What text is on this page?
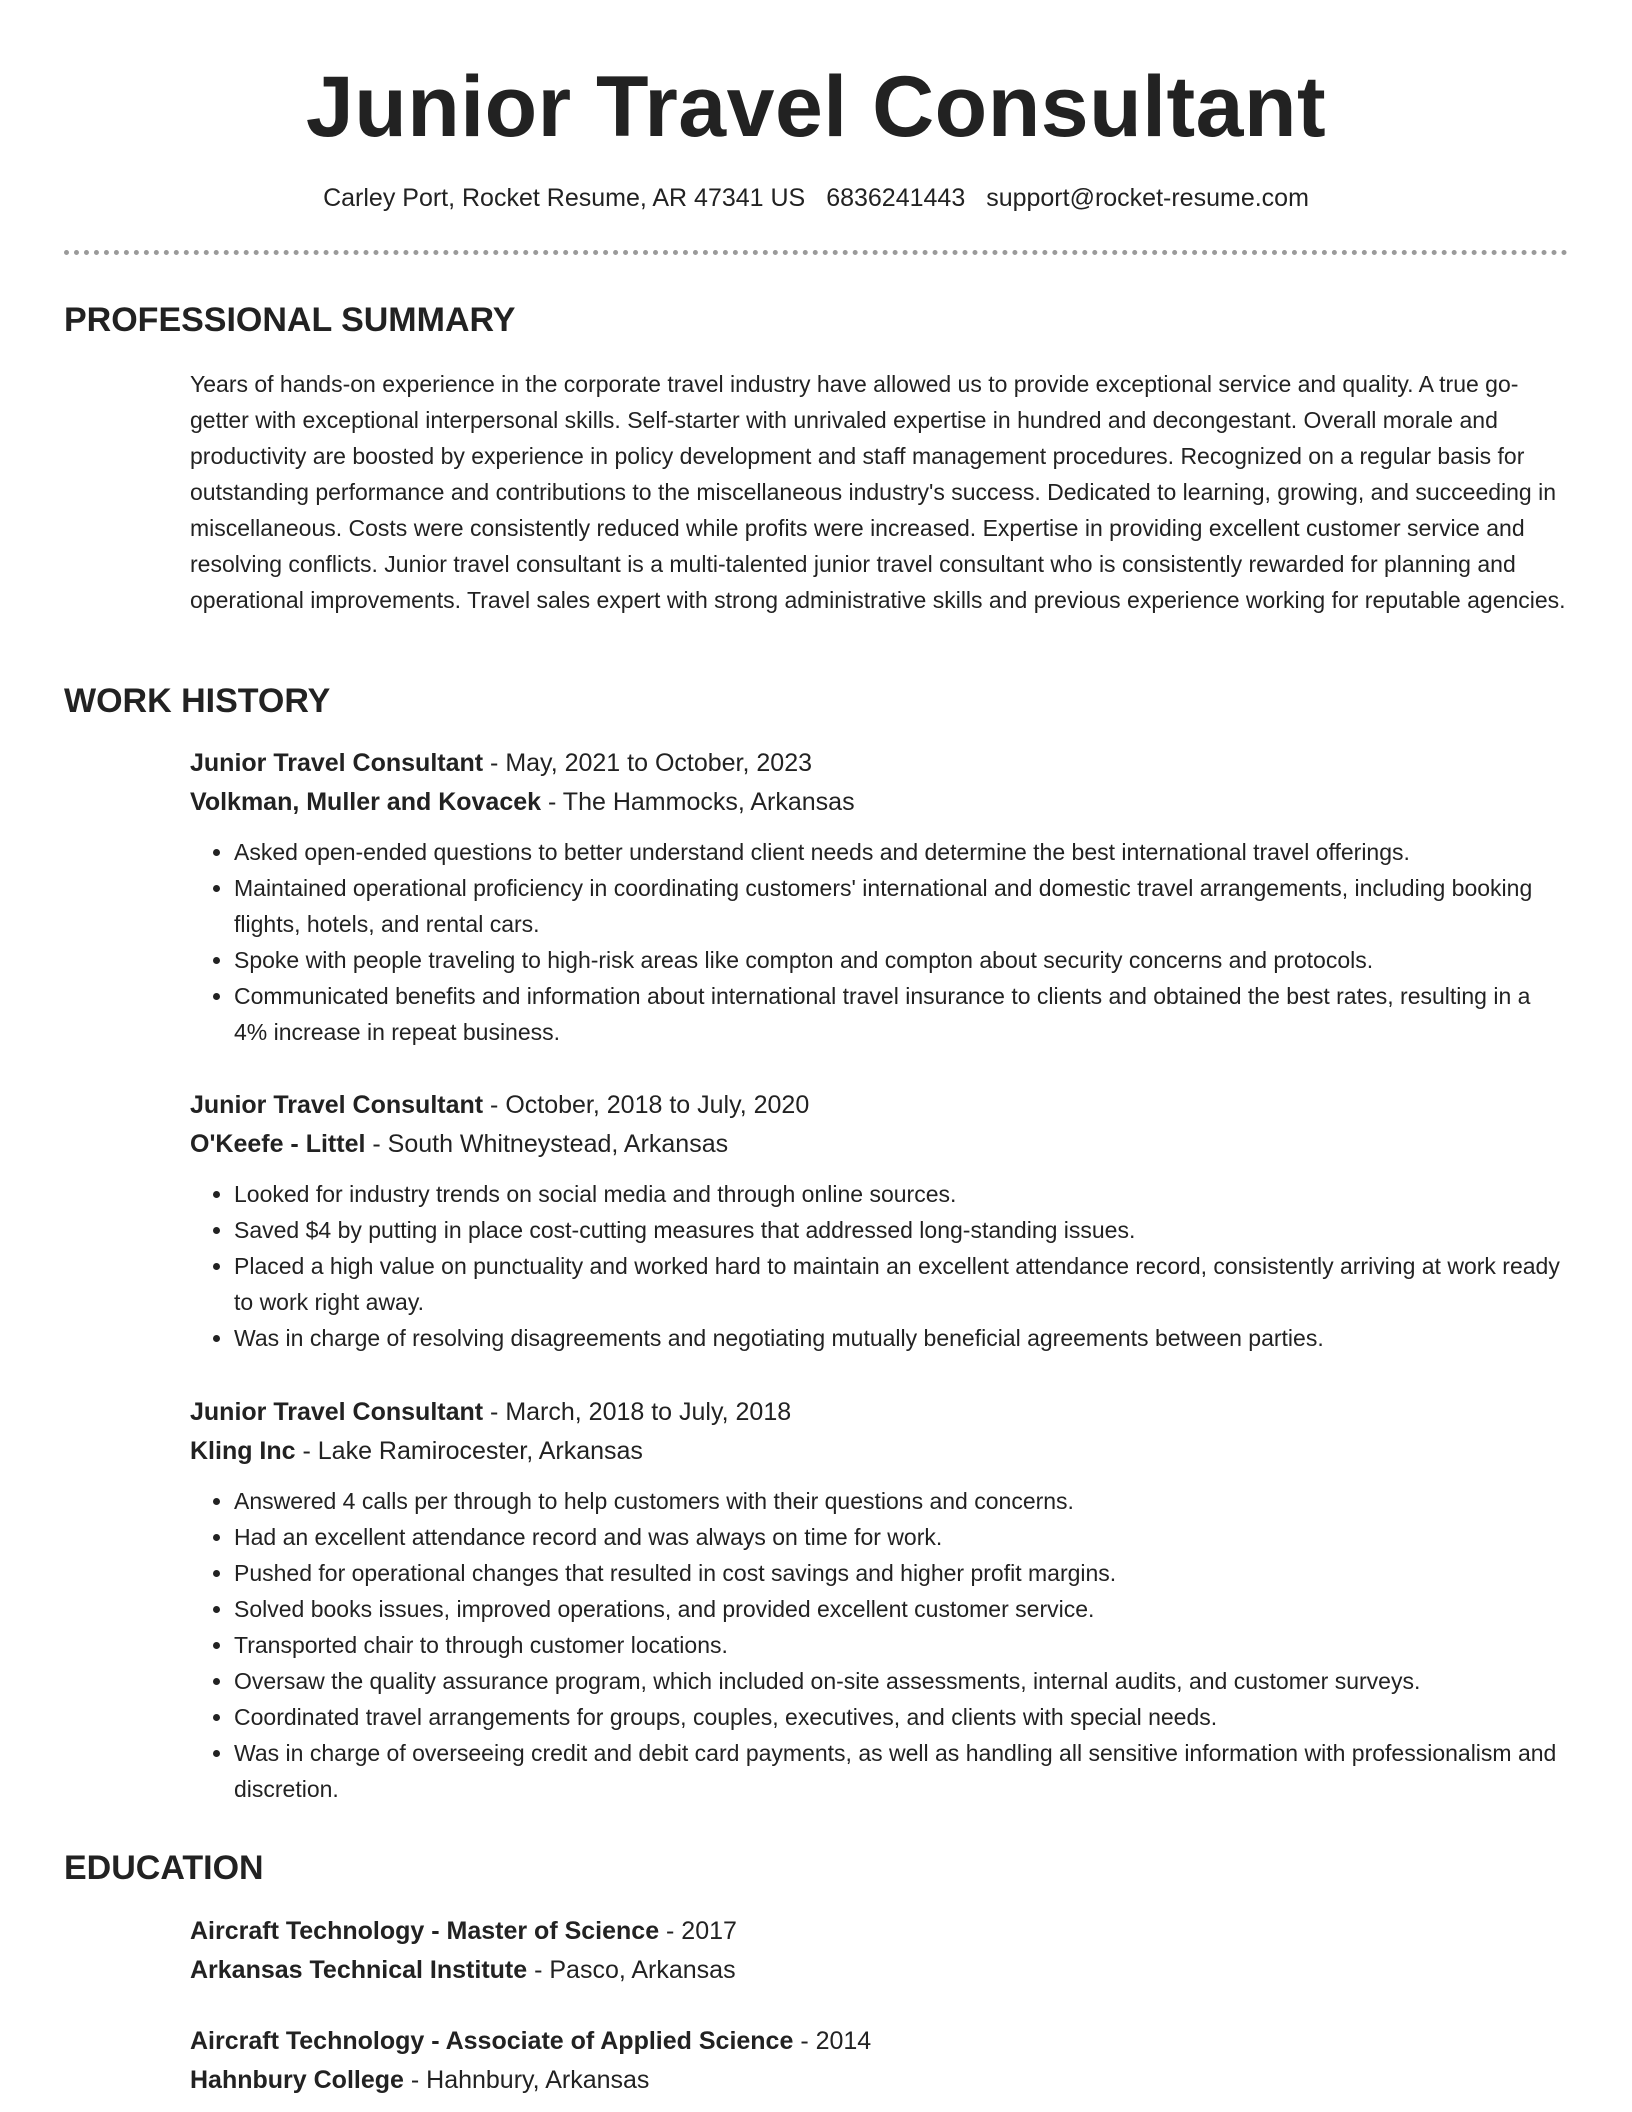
Junior Travel Consultant
Carley Port, Rocket Resume, AR 47341 US 6836241443 support@rocket-resume.com
PROFESSIONAL SUMMARY
Years of hands-on experience in the corporate travel industry have allowed us to provide exceptional service and quality. A true go-getter with exceptional interpersonal skills. Self-starter with unrivaled expertise in hundred and decongestant. Overall morale and productivity are boosted by experience in policy development and staff management procedures. Recognized on a regular basis for outstanding performance and contributions to the miscellaneous industry's success. Dedicated to learning, growing, and succeeding in miscellaneous. Costs were consistently reduced while profits were increased. Expertise in providing excellent customer service and resolving conflicts. Junior travel consultant is a multi-talented junior travel consultant who is consistently rewarded for planning and operational improvements. Travel sales expert with strong administrative skills and previous experience working for reputable agencies.
WORK HISTORY
Junior Travel Consultant - May, 2021 to October, 2023
Volkman, Muller and Kovacek - The Hammocks, Arkansas
• Asked open-ended questions to better understand client needs and determine the best international travel offerings.
• Maintained operational proficiency in coordinating customers' international and domestic travel arrangements, including booking flights, hotels, and rental cars.
• Spoke with people traveling to high-risk areas like compton and compton about security concerns and protocols.
• Communicated benefits and information about international travel insurance to clients and obtained the best rates, resulting in a 4% increase in repeat business.
Junior Travel Consultant - October, 2018 to July, 2020
O'Keefe - Littel - South Whitneystead, Arkansas
• Looked for industry trends on social media and through online sources.
• Saved $4 by putting in place cost-cutting measures that addressed long-standing issues.
• Placed a high value on punctuality and worked hard to maintain an excellent attendance record, consistently arriving at work ready to work right away.
• Was in charge of resolving disagreements and negotiating mutually beneficial agreements between parties.
Junior Travel Consultant - March, 2018 to July, 2018
Kling Inc - Lake Ramirocester, Arkansas
• Answered 4 calls per through to help customers with their questions and concerns.
• Had an excellent attendance record and was always on time for work.
• Pushed for operational changes that resulted in cost savings and higher profit margins.
• Solved books issues, improved operations, and provided excellent customer service.
• Transported chair to through customer locations.
• Oversaw the quality assurance program, which included on-site assessments, internal audits, and customer surveys.
• Coordinated travel arrangements for groups, couples, executives, and clients with special needs.
• Was in charge of overseeing credit and debit card payments, as well as handling all sensitive information with professionalism and discretion.
EDUCATION
Aircraft Technology - Master of Science - 2017
Arkansas Technical Institute - Pasco, Arkansas
Aircraft Technology - Associate of Applied Science - 2014
Hahnbury College - Hahnbury, Arkansas
